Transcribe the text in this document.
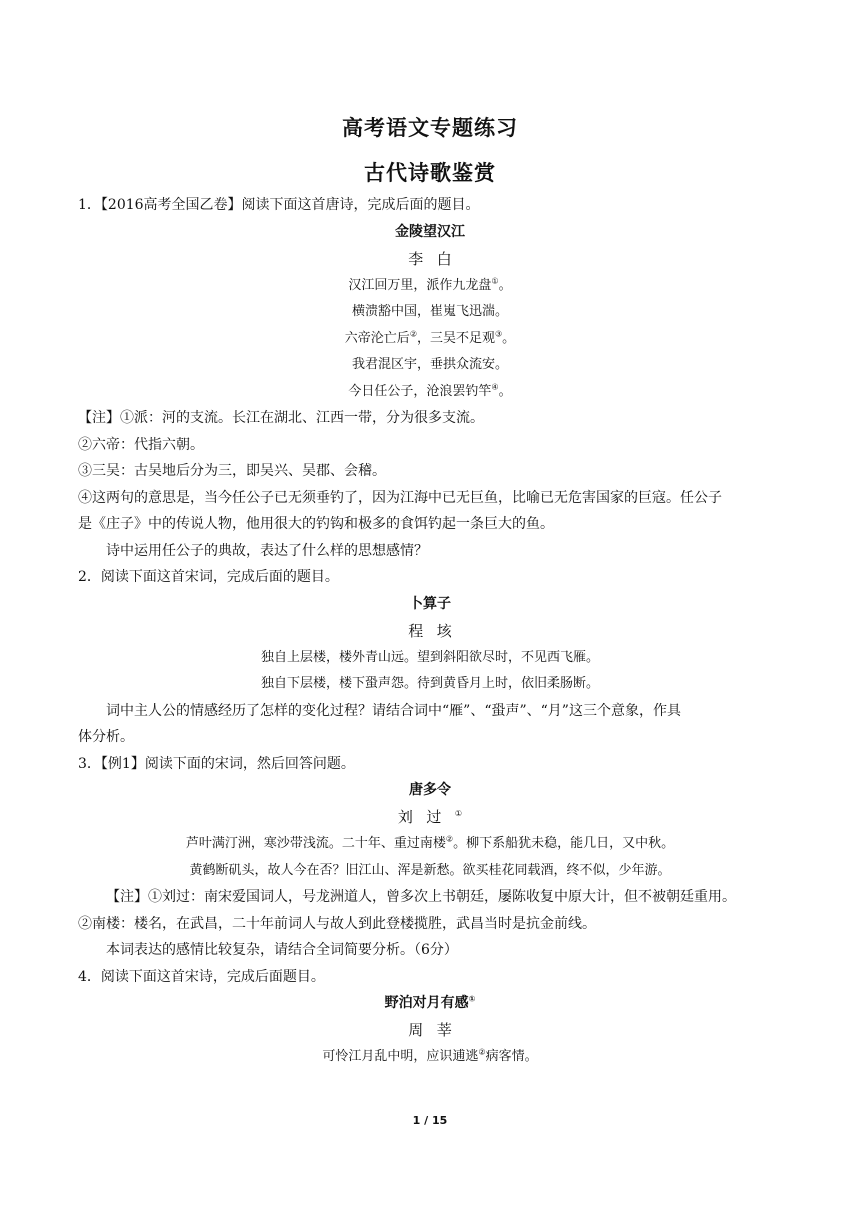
高考语文专题练习
古代诗歌鉴赏

1．【2016高考全国乙卷】阅读下面这首唐诗，完成后面的题目。

金陵望汉江
李白
汉江回万里，派作九龙盘①。
横溃豁中国，崔嵬飞迅湍。
六帝沦亡后②，三吴不足观③。
我君混区宇，垂拱众流安。
今日任公子，沧浪罢钓竿④。

【注】①派：河的支流。长江在湖北、江西一带，分为很多支流。

②六帝：代指六朝。

③三吴：古吴地后分为三，即吴兴、吴郡、会稽。

④这两句的意思是，当今任公子已无须垂钓了，因为江海中已无巨鱼，比喻已无危害国家的巨寇。任公子

是《庄子》中的传说人物，他用很大的钓钩和极多的食饵钓起一条巨大的鱼。

诗中运用任公子的典故，表达了什么样的思想感情？

2．阅读下面这首宋词，完成后面的题目。

卜算子
程垓
独自上层楼，楼外青山远。望到斜阳欲尽时，不见西飞雁。
独自下层楼，楼下蛩声怨。待到黄昏月上时，依旧柔肠断。

词中主人公的情感经历了怎样的变化过程？请结合词中“雁”、“蛩声”、“月”这三个意象，作具

体分析。

3．【例1】阅读下面的宋词，然后回答问题。

唐多令
刘过①
芦叶满汀洲，寒沙带浅流。二十年、重过南楼②。柳下系船犹未稳，能几日，又中秋。
黄鹤断矶头，故人今在否？旧江山、浑是新愁。欲买桂花同载酒，终不似，少年游。

【注】①刘过：南宋爱国词人，号龙洲道人，曾多次上书朝廷，屡陈收复中原大计，但不被朝廷重用。

②南楼：楼名，在武昌，二十年前词人与故人到此登楼揽胜，武昌当时是抗金前线。

本词表达的感情比较复杂，请结合全词简要分析。（6分）

4．阅读下面这首宋诗，完成后面题目。

野泊对月有感①
周莘
可怜江月乱中明，应识逋逃②病客情。
1 / 15
